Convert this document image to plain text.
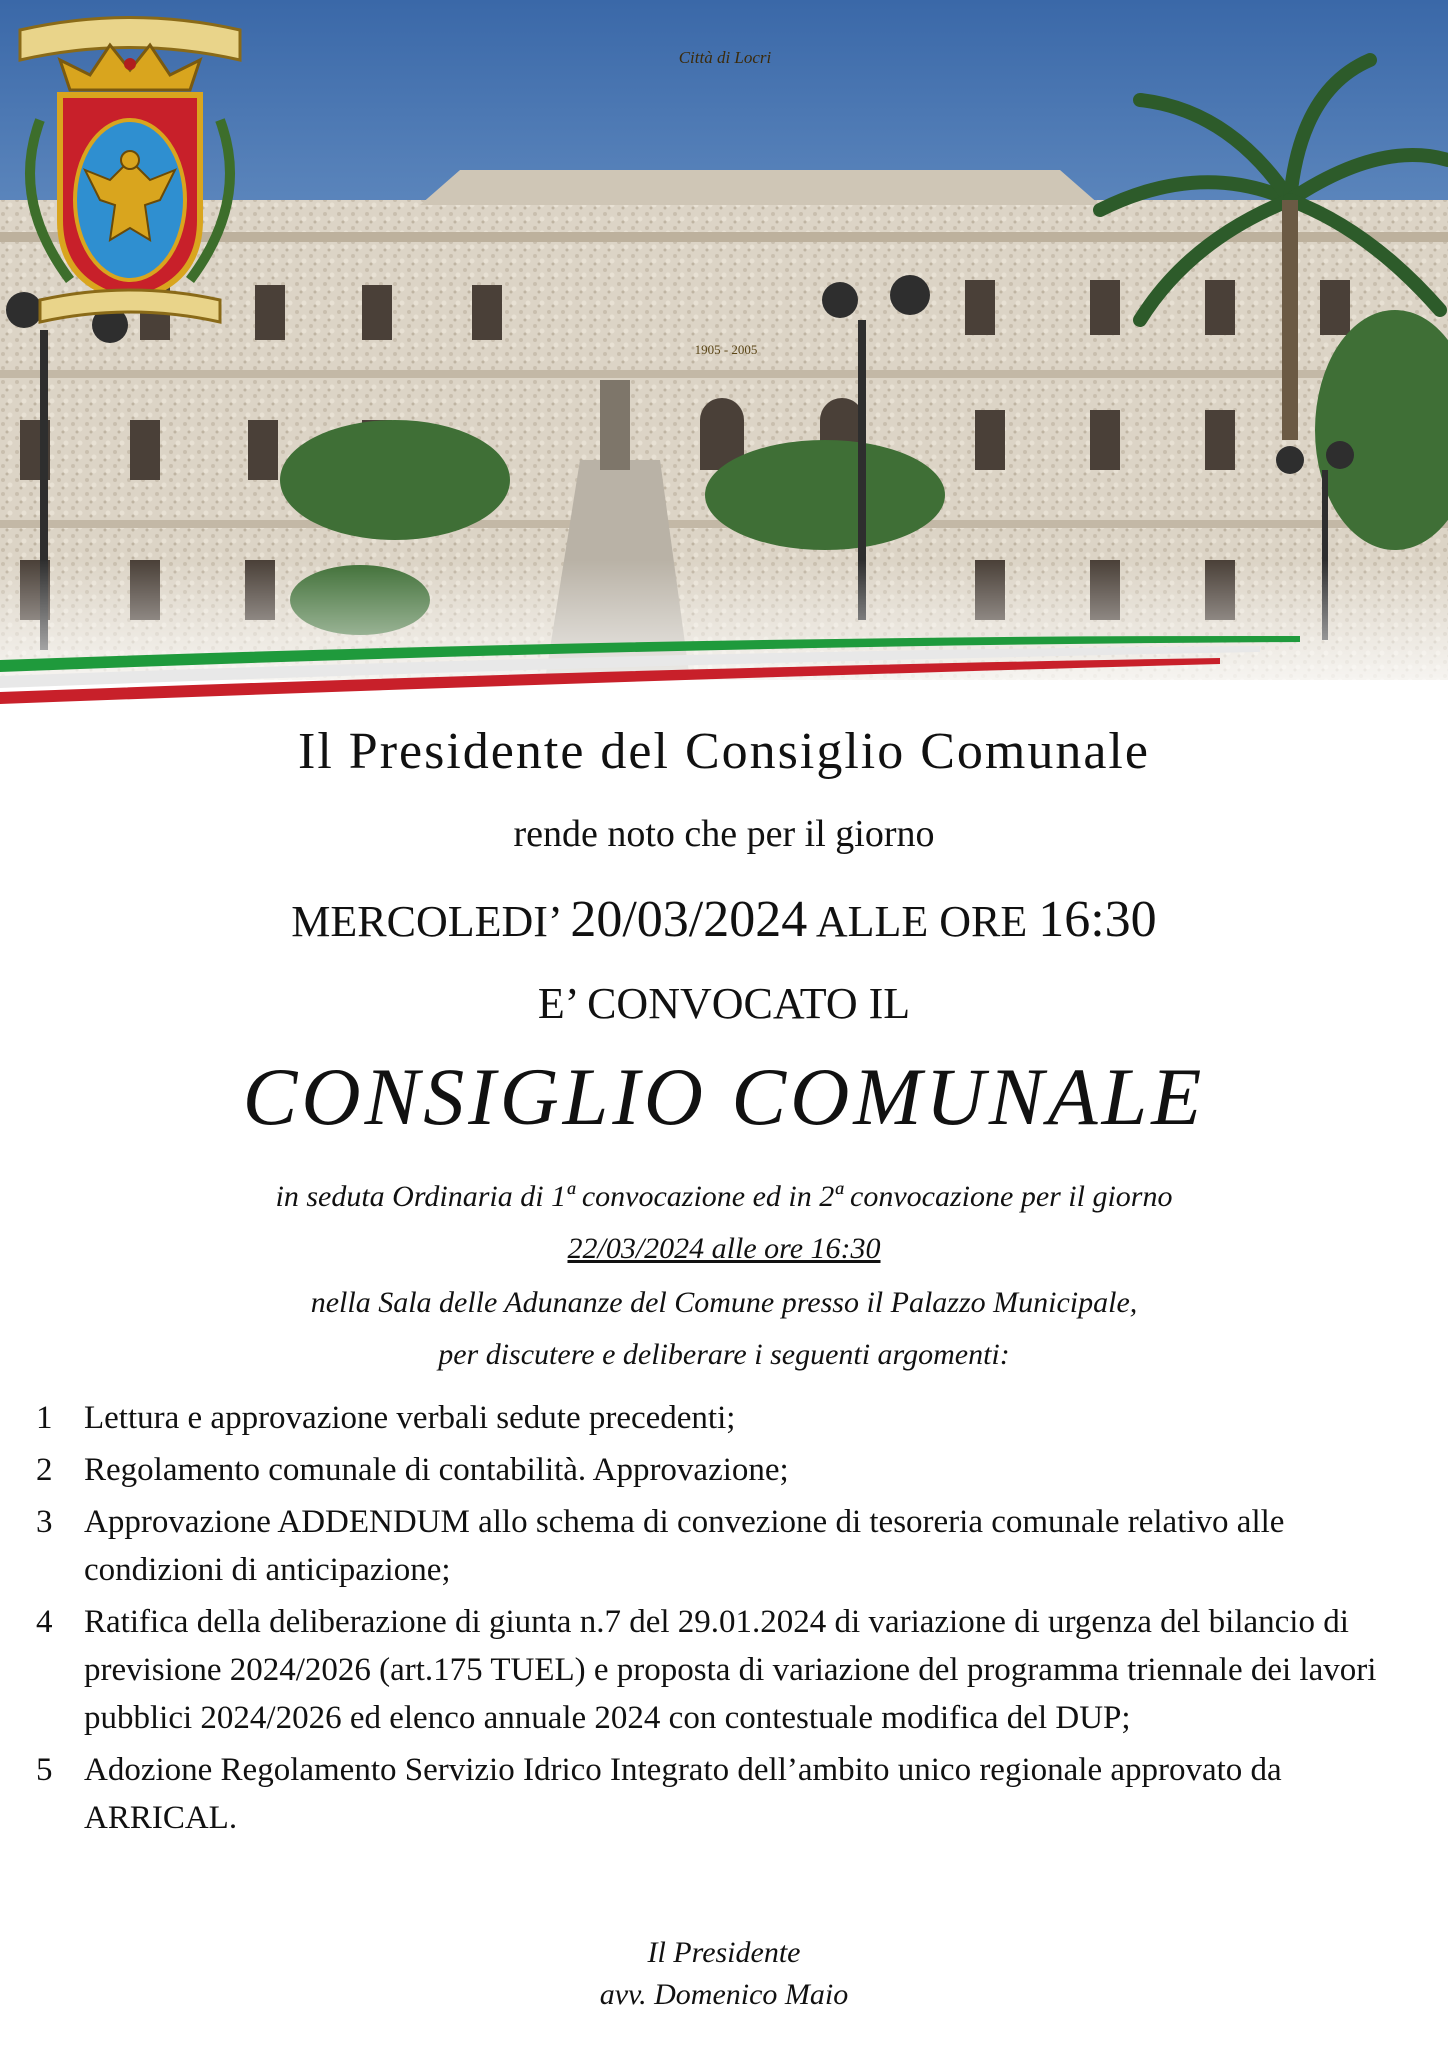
Città di Locri
1905 - 2005
Il Presidente del Consiglio Comunale
rende noto che per il giorno
MERCOLEDI’ 20/03/2024 ALLE ORE 16:30
E’ CONVOCATO IL
CONSIGLIO COMUNALE
in seduta Ordinaria di 1ª convocazione ed in 2ª convocazione per il giorno
22/03/2024 alle ore 16:30
nella Sala delle Adunanze del Comune presso il Palazzo Municipale,
per discutere e deliberare i seguenti argomenti:
1 Lettura e approvazione verbali sedute precedenti;
2 Regolamento comunale di contabilità. Approvazione;
3 Approvazione ADDENDUM allo schema di convezione di tesoreria comunale relativo alle condizioni di anticipazione;
4 Ratifica della deliberazione di giunta n.7 del 29.01.2024 di variazione di urgenza del bilancio di previsione 2024/2026 (art.175 TUEL) e proposta di variazione del programma triennale dei lavori pubblici 2024/2026 ed elenco annuale 2024 con contestuale modifica del DUP;
5 Adozione Regolamento Servizio Idrico Integrato dell’ambito unico regionale approvato da ARRICAL.
Il Presidente
avv. Domenico Maio
